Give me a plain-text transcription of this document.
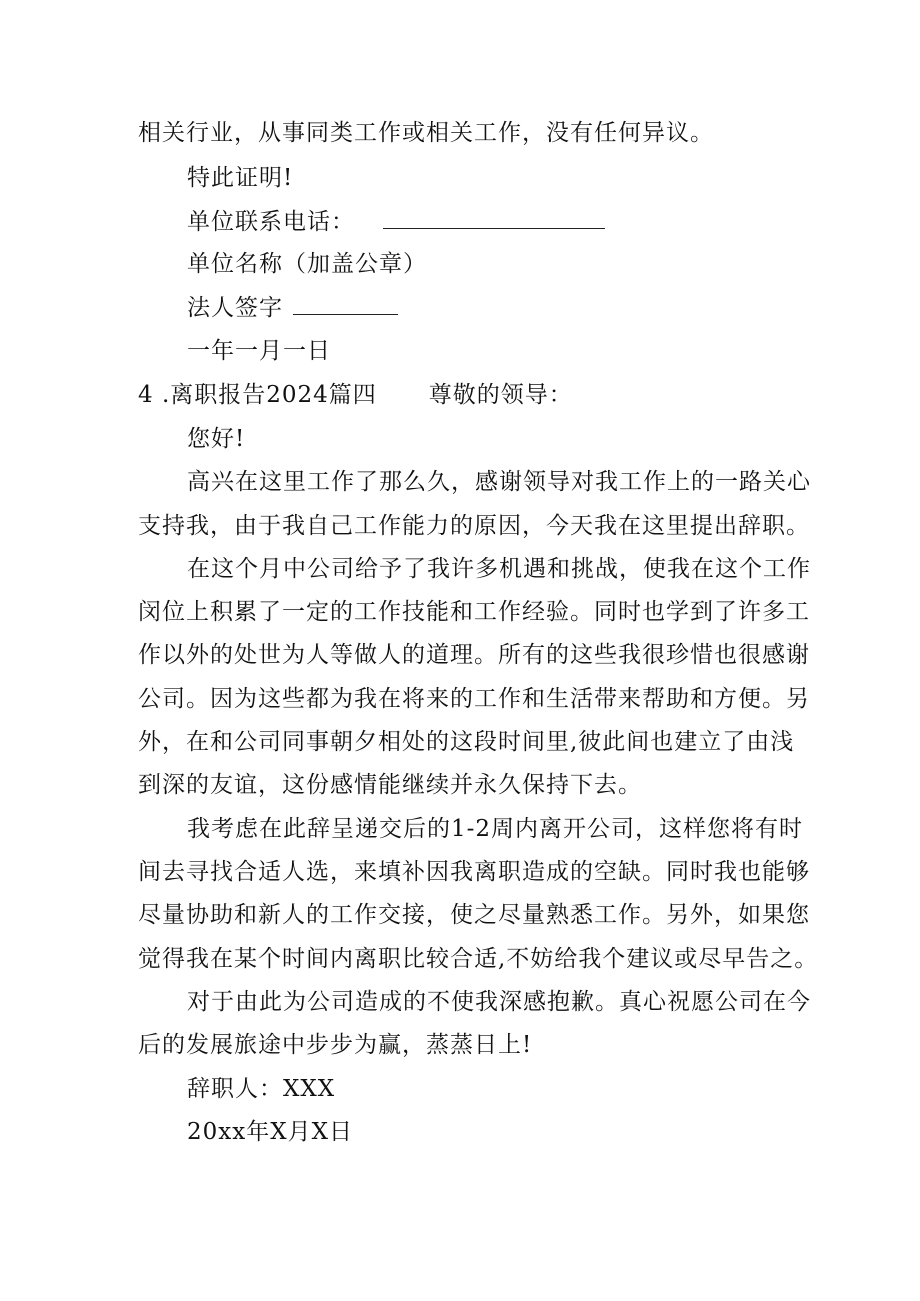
相关行业，从事同类工作或相关工作，没有任何异议。
特此证明!
单位联系电话：
单位名称（加盖公章）
法人签字
一年一月一日
4 .离职报告2024篇四 尊敬的领导：
您好!
高兴在这里工作了那么久，感谢领导对我工作上的一路关心
支持我，由于我自己工作能力的原因，今天我在这里提出辞职。
在这个月中公司给予了我许多机遇和挑战，使我在这个工作
闵位上积累了一定的工作技能和工作经验。同时也学到了许多工
作以外的处世为人等做人的道理。所有的这些我很珍惜也很感谢
公司。因为这些都为我在将来的工作和生活带来帮助和方便。另
外，在和公司同事朝夕相处的这段时间里,彼此间也建立了由浅
到深的友谊，这份感情能继续并永久保持下去。
我考虑在此辞呈递交后的1-2周内离开公司，这样您将有时
间去寻找合适人选，来填补因我离职造成的空缺。同时我也能够
尽量协助和新人的工作交接，使之尽量熟悉工作。另外，如果您
觉得我在某个时间内离职比较合适,不妨给我个建议或尽早告之。
对于由此为公司造成的不使我深感抱歉。真心祝愿公司在今
后的发展旅途中步步为赢，蒸蒸日上!
辞职人：XXX
20xx年X月X日
